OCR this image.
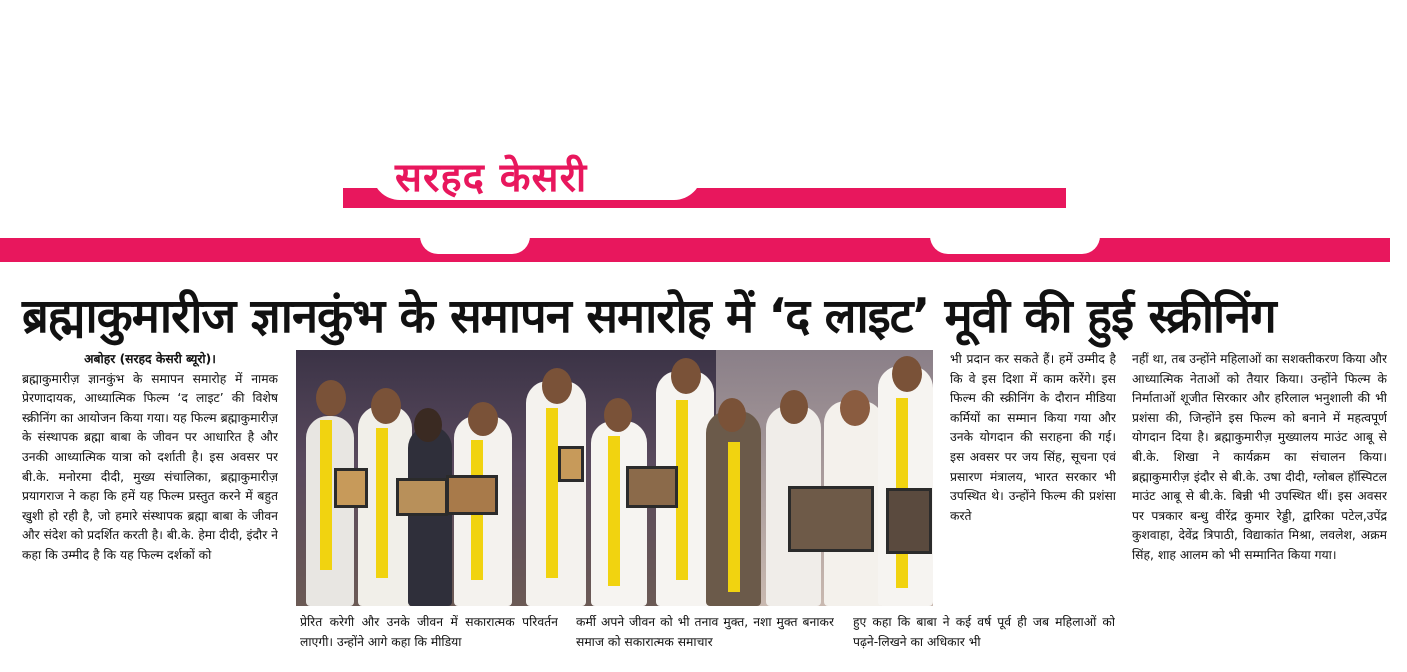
सरहद केसरी
ब्रह्माकुमारीज ज्ञानकुंभ के समापन समारोह में ‘द लाइट’ मूवी की हुई स्क्रीनिंग
अबोहर (सरहद केसरी ब्यूरो)।
ब्रह्माकुमारीज़ ज्ञानकुंभ के समापन समारोह में नामक प्रेरणादायक, आध्यात्मिक फिल्म ‘द लाइट’ की विशेष स्क्रीनिंग का आयोजन किया गया। यह फिल्म ब्रह्माकुमारीज़ के संस्थापक ब्रह्मा बाबा के जीवन पर आधारित है और उनकी आध्यात्मिक यात्रा को दर्शाती है। इस अवसर पर बी.के. मनोरमा दीदी, मुख्य संचालिका, ब्रह्माकुमारीज़ प्रयागराज ने कहा कि हमें यह फिल्म प्रस्तुत करने में बहुत खुशी हो रही है, जो हमारे संस्थापक ब्रह्मा बाबा के जीवन और संदेश को प्रदर्शित करती है। बी.के. हेमा दीदी, इंदौर ने कहा कि उम्मीद है कि यह फिल्म दर्शकों को
प्रेरित करेगी और उनके जीवन में सकारात्मक परिवर्तन लाएगी। उन्होंने आगे कहा कि मीडिया
कर्मी अपने जीवन को भी तनाव मुक्त, नशा मुक्त बनाकर समाज को सकारात्मक समाचार
भी प्रदान कर सकते हैं। हमें उम्मीद है कि वे इस दिशा में काम करेंगे। इस फिल्म की स्क्रीनिंग के दौरान मीडिया कर्मियों का सम्मान किया गया और उनके योगदान की सराहना की गई। इस अवसर पर जय सिंह, सूचना एवं प्रसारण मंत्रालय, भारत सरकार भी उपस्थित थे। उन्होंने फिल्म की प्रशंसा करते
हुए कहा कि बाबा ने कई वर्ष पूर्व ही जब महिलाओं को पढ़ने-लिखने का अधिकार भी
नहीं था, तब उन्होंने महिलाओं का सशक्तीकरण किया और आध्यात्मिक नेताओं को तैयार किया। उन्होंने फिल्म के निर्माताओं शूजीत सिरकार और हरिलाल भनुशाली की भी प्रशंसा की, जिन्होंने इस फिल्म को बनाने में महत्वपूर्ण योगदान दिया है। ब्रह्माकुमारीज़ मुख्यालय माउंट आबू से बी.के. शिखा ने कार्यक्रम का संचालन किया। ब्रह्माकुमारीज़ इंदौर से बी.के. उषा दीदी, ग्लोबल हॉस्पिटल माउंट आबू से बी.के. बिन्नी भी उपस्थित थीं। इस अवसर पर पत्रकार बन्धु वीरेंद्र कुमार रेड्डी, द्वारिका पटेल,उपेंद्र कुशवाहा, देवेंद्र त्रिपाठी, विद्याकांत मिश्रा, लवलेश, अक्रम सिंह, शाह आलम को भी सम्मानित किया गया।
